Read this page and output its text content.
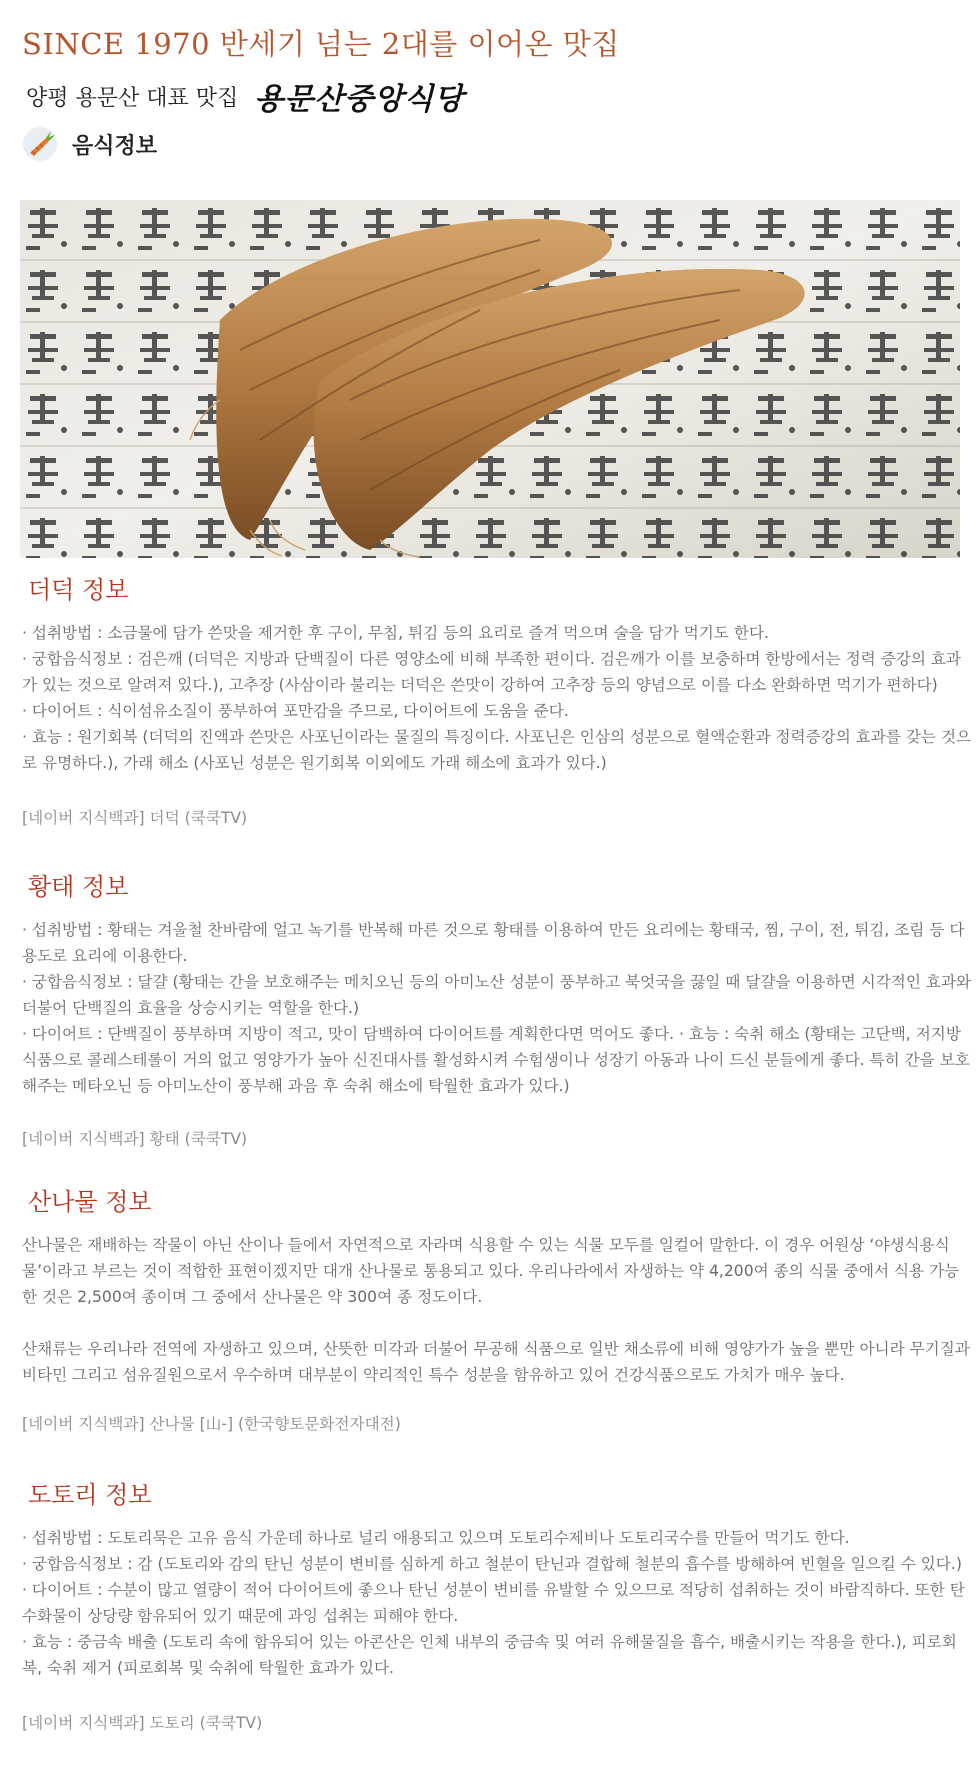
SINCE 1970 반세기 넘는 2대를 이어온 맛집
양평 용문산 대표 맛집 용문산중앙식당
음식정보
더덕 정보

· 섭취방법 : 소금물에 담가 쓴맛을 제거한 후 구이, 무침, 튀김 등의 요리로 즐겨 먹으며 술을 담가 먹기도 한다.

· 궁합음식정보 : 검은깨 (더덕은 지방과 단백질이 다른 영양소에 비해 부족한 편이다. 검은깨가 이를 보충하며 한방에서는 정력 증강의 효과가 있는 것으로 알려져 있다.), 고추장 (사삼이라 불리는 더덕은 쓴맛이 강하여 고추장 등의 양념으로 이를 다소 완화하면 먹기가 편하다)

· 다이어트 : 식이섬유소질이 풍부하여 포만감을 주므로, 다이어트에 도움을 준다.

· 효능 : 원기회복 (더덕의 진액과 쓴맛은 사포닌이라는 물질의 특징이다. 사포닌은 인삼의 성분으로 혈액순환과 정력증강의 효과를 갖는 것으로 유명하다.), 가래 해소 (사포닌 성분은 원기회복 이외에도 가래 해소에 효과가 있다.)

[네이버 지식백과] 더덕 (쿡쿡TV)
황태 정보

· 섭취방법 : 황태는 겨울철 찬바람에 얼고 녹기를 반복해 마른 것으로 황태를 이용하여 만든 요리에는 황태국, 찜, 구이, 전, 튀김, 조림 등 다용도로 요리에 이용한다.

· 궁합음식정보 : 달걀 (황태는 간을 보호해주는 메치오닌 등의 아미노산 성분이 풍부하고 북엇국을 끓일 때 달걀을 이용하면 시각적인 효과와 더불어 단백질의 효율을 상승시키는 역할을 한다.)

· 다이어트 : 단백질이 풍부하며 지방이 적고, 맛이 담백하여 다이어트를 계획한다면 먹어도 좋다. · 효능 : 숙취 해소 (황태는 고단백, 저지방 식품으로 콜레스테롤이 거의 없고 영양가가 높아 신진대사를 활성화시켜 수험생이나 성장기 아동과 나이 드신 분들에게 좋다. 특히 간을 보호해주는 메타오닌 등 아미노산이 풍부해 과음 후 숙취 해소에 탁월한 효과가 있다.)

[네이버 지식백과] 황태 (쿡쿡TV)
산나물 정보

산나물은 재배하는 작물이 아닌 산이나 들에서 자연적으로 자라며 식용할 수 있는 식물 모두를 일컬어 말한다. 이 경우 어원상 ‘야생식용식물’이라고 부르는 것이 적합한 표현이겠지만 대개 산나물로 통용되고 있다. 우리나라에서 자생하는 약 4,200여 종의 식물 중에서 식용 가능한 것은 2,500여 종이며 그 중에서 산나물은 약 300여 종 정도이다.

산채류는 우리나라 전역에 자생하고 있으며, 산뜻한 미각과 더불어 무공해 식품으로 일반 채소류에 비해 영양가가 높을 뿐만 아니라 무기질과 비타민 그리고 섬유질원으로서 우수하며 대부분이 약리적인 특수 성분을 함유하고 있어 건강식품으로도 가치가 매우 높다.

[네이버 지식백과] 산나물 [山-] (한국향토문화전자대전)
도토리 정보

· 섭취방법 : 도토리묵은 고유 음식 가운데 하나로 널리 애용되고 있으며 도토리수제비나 도토리국수를 만들어 먹기도 한다.

· 궁합음식정보 : 감 (도토리와 감의 탄닌 성분이 변비를 심하게 하고 철분이 탄닌과 결합해 철분의 흡수를 방해하여 빈혈을 일으킬 수 있다.)

· 다이어트 : 수분이 많고 열량이 적어 다이어트에 좋으나 탄닌 성분이 변비를 유발할 수 있으므로 적당히 섭취하는 것이 바람직하다. 또한 탄수화물이 상당량 함유되어 있기 때문에 과잉 섭취는 피해야 한다.

· 효능 : 중금속 배출 (도토리 속에 함유되어 있는 아콘산은 인체 내부의 중금속 및 여러 유해물질을 흡수, 배출시키는 작용을 한다.), 피로회복, 숙취 제거 (피로회복 및 숙취에 탁월한 효과가 있다.

[네이버 지식백과] 도토리 (쿡쿡TV)
